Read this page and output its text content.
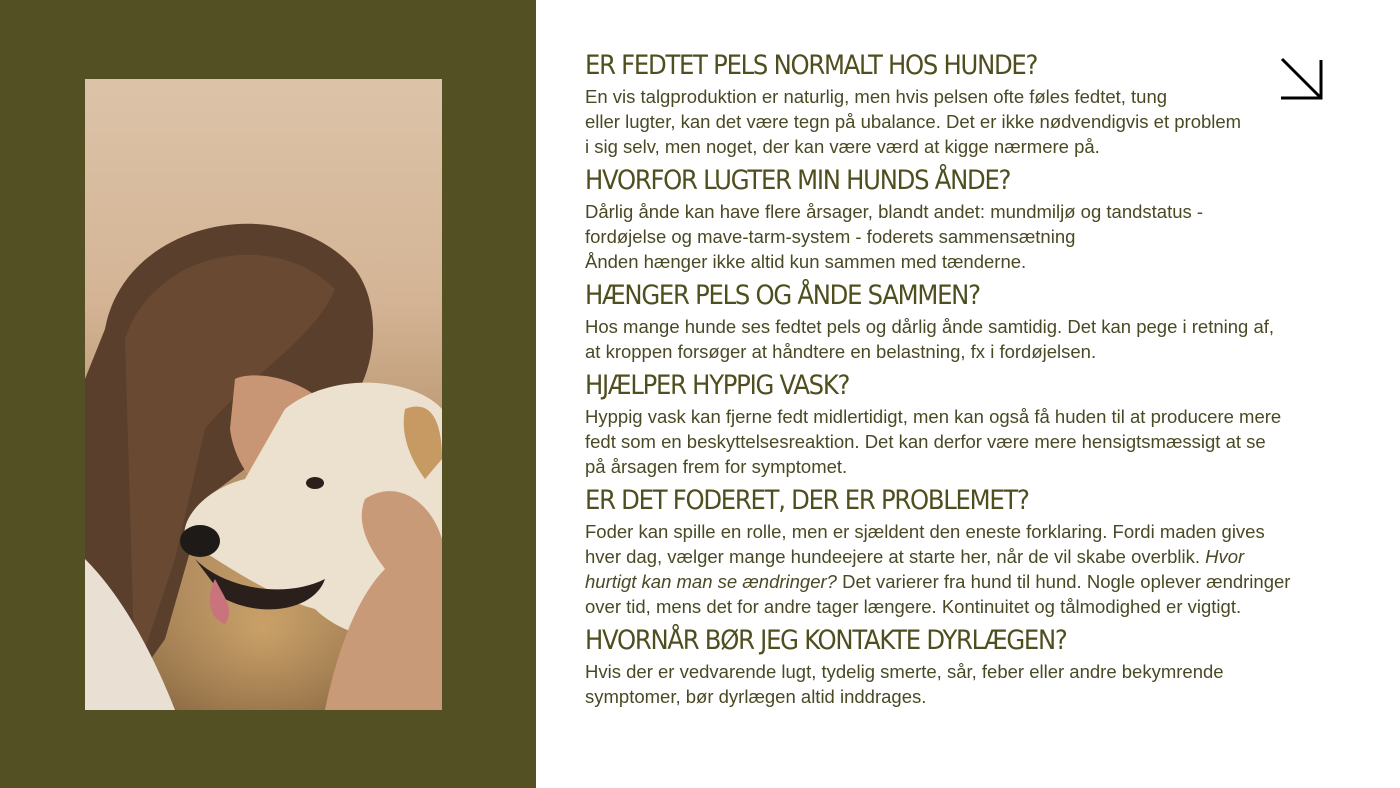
ER FEDTET PELS NORMALT HOS HUNDE?

En vis talgproduktion er naturlig, men hvis pelsen ofte føles fedtet, tung
eller lugter, kan det være tegn på ubalance. Det er ikke nødvendigvis et problem
i sig selv, men noget, der kan være værd at kigge nærmere på.

HVORFOR LUGTER MIN HUNDS ÅNDE?

Dårlig ånde kan have flere årsager, blandt andet: mundmiljø og tandstatus -
fordøjelse og mave-tarm-system - foderets sammensætning
Ånden hænger ikke altid kun sammen med tænderne.

HÆNGER PELS OG ÅNDE SAMMEN?

Hos mange hunde ses fedtet pels og dårlig ånde samtidig. Det kan pege i retning af,
at kroppen forsøger at håndtere en belastning, fx i fordøjelsen.

HJÆLPER HYPPIG VASK?

Hyppig vask kan fjerne fedt midlertidigt, men kan også få huden til at producere mere
fedt som en beskyttelsesreaktion. Det kan derfor være mere hensigtsmæssigt at se
på årsagen frem for symptomet.

ER DET FODERET, DER ER PROBLEMET?

Foder kan spille en rolle, men er sjældent den eneste forklaring. Fordi maden gives
hver dag, vælger mange hundeejere at starte her, når de vil skabe overblik. Hvor
hurtigt kan man se ændringer? Det varierer fra hund til hund. Nogle oplever ændringer
over tid, mens det for andre tager længere. Kontinuitet og tålmodighed er vigtigt.

HVORNÅR BØR JEG KONTAKTE DYRLÆGEN?

Hvis der er vedvarende lugt, tydelig smerte, sår, feber eller andre bekymrende
symptomer, bør dyrlægen altid inddrages.
